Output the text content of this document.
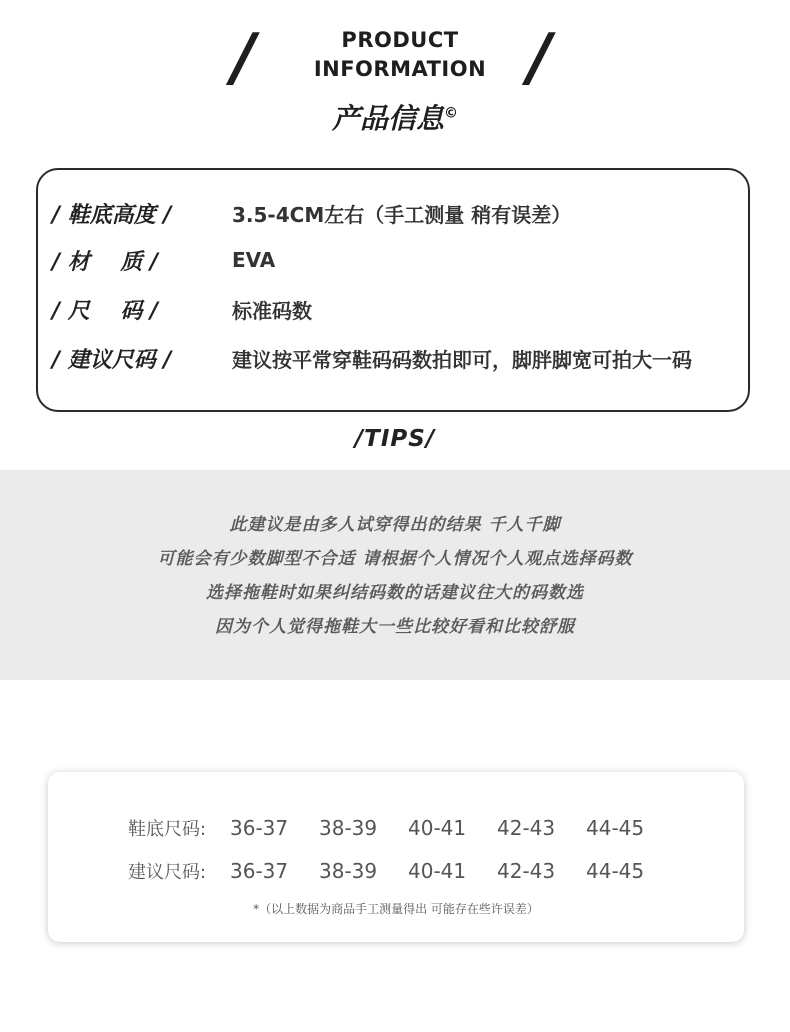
/	PRODUCT
INFORMATION /
产品信息©
/ 鞋底高度 /	3.5-4CM左右（手工测量 稍有误差）
/ 材    质 /	EVA
/ 尺    码 /	标准码数
/ 建议尺码 /	建议按平常穿鞋码码数拍即可，脚胖脚宽可拍大一码
/TIPS/
此建议是由多人试穿得出的结果 千人千脚
可能会有少数脚型不合适 请根据个人情况个人观点选择码数
选择拖鞋时如果纠结码数的话建议往大的码数选
因为个人觉得拖鞋大一些比较好看和比较舒服
鞋底尺码:	36-37	38-39	40-41	42-43	44-45
建议尺码:	36-37	38-39	40-41	42-43	44-45
*（以上数据为商品手工测量得出 可能存在些许误差）
